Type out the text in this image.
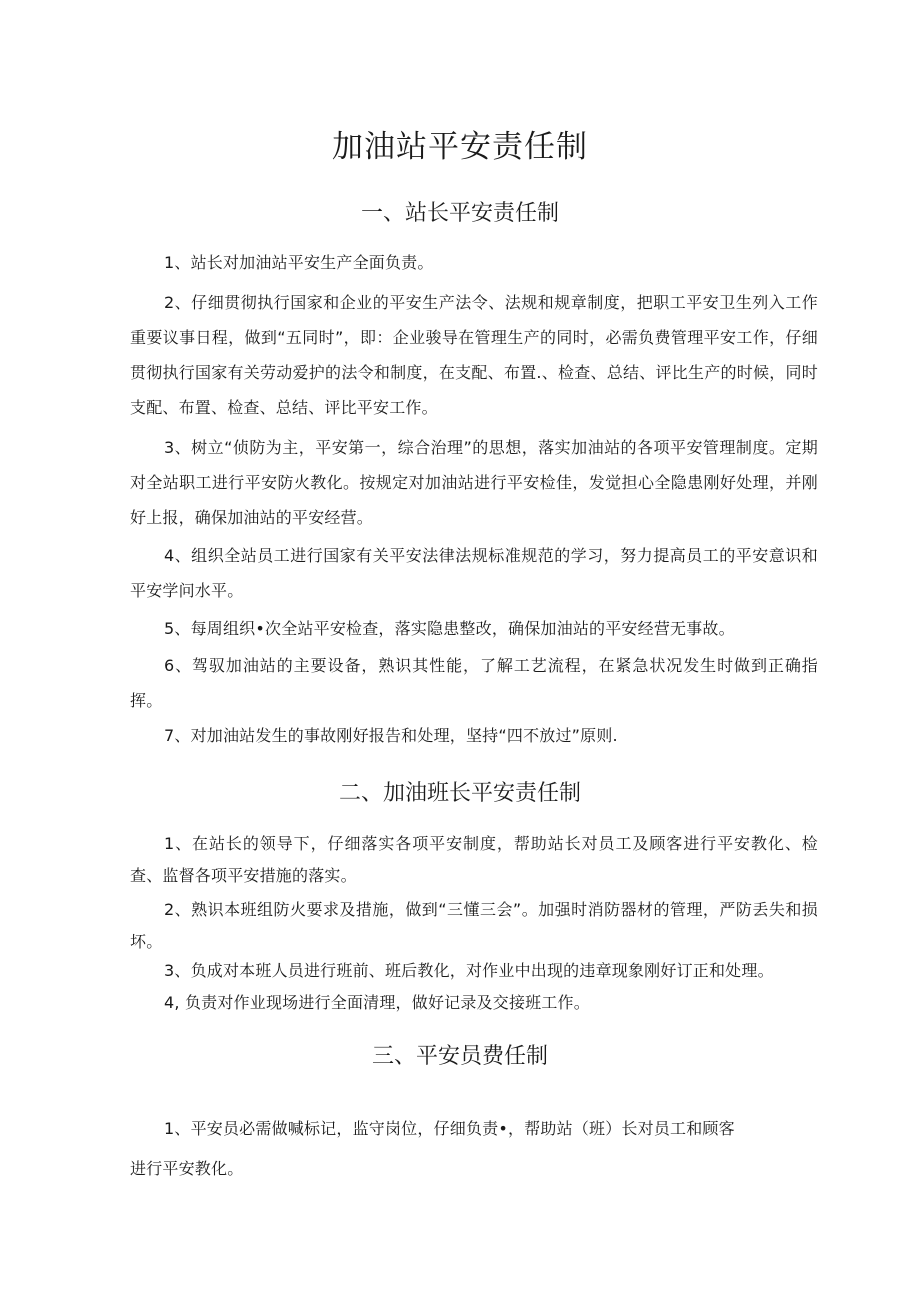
加油站平安责任制
一、站长平安责任制

1、站长对加油站平安生产全面负责。

2、仔细贯彻执行国家和企业的平安生产法令、法规和规章制度，把职工平安卫生列入工作重要议事日程，做到“五同时”，即：企业骏导在管理生产的同时，必需负费管理平安工作，仔细贯彻执行国家有关劳动爱护的法令和制度，在支配、布置.、检查、总结、评比生产的时候，同时支配、布置、检查、总结、评比平安工作。

3、树立“侦防为主，平安第一，综合治理”的思想，落实加油站的各项平安管理制度。定期对全站职工进行平安防火教化。按规定对加油站进行平安检佳，发觉担心全隐患刚好处理，并刚好上报，确保加油站的平安经营。

4、组织全站员工进行国家有关平安法律法规标准规范的学习，努力提高员工的平安意识和平安学问水平。

5、每周组织•次全站平安检查，落实隐患整改，确保加油站的平安经营无事故。

6、驾驭加油站的主要设备，熟识其性能，了解工艺流程，在紧急状况发生时做到正确指挥。

7、对加油站发生的事故刚好报告和处理，坚持“四不放过”原则.

二、加油班长平安责任制

1、在站长的领导下，仔细落实各项平安制度，帮助站长对员工及顾客进行平安教化、检查、监督各项平安措施的落实。

2、熟识本班组防火要求及措施，做到“三懂三会”。加强时消防器材的管理，严防丢失和损坏。

3、负成对本班人员进行班前、班后教化，对作业中出现的违章现象刚好订正和处理。

4, 负责对作业现场进行全面清理，做好记录及交接班工作。

三、平安员费任制

1、平安员必需做喊标记，监守岗位，仔细负责•，帮助站（班）长对员工和顾客

进行平安教化。
